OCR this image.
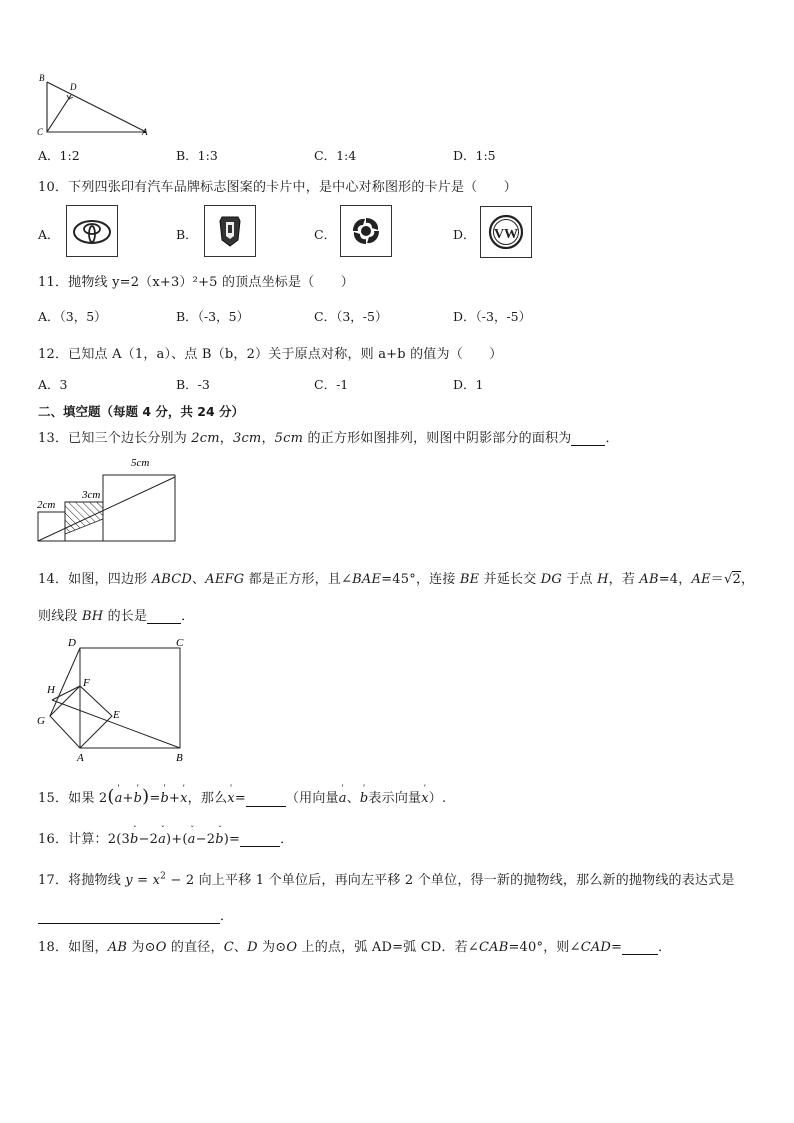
B
D
C	A
A．1:2	B．1:3	C．1:4	D．1:5
10．下列四张印有汽车品牌标志图案的卡片中，是中心对称图形的卡片是（　　）
A．	B．	C．	D． VW
11．抛物线 y=2（x+3）²+5 的顶点坐标是（　　）
A．（3，5）	B．（-3，5）	C．（3，-5）	D．（-3，-5）
12．已知点 A（1，a）、点 B（b，2）关于原点对称，则 a+b 的值为（　　）
A．3	B．-3	C．-1	D．1
二、填空题（每题 4 分，共 24 分）
13．已知三个边长分别为 2cm，3cm，5cm 的正方形如图排列，则图中阴影部分的面积为	．
5cm
3cm
2cm
14．如图，四边形 ABCD、AEFG 都是正方形，且∠BAE=45°，连接 BE 并延长交 DG 于点 H，若 AB=4，AE＝√2，
则线段 BH 的长是	．
D	C
H
F
G	E
A	B
15．如果 2( ˈ
a+
ˈ
b)=
ˈ
b+
ˈ
x，那么
ˈ
x=	（用向量
ˈ
a、
ˈ
b表示向量
ˈ
x）.
16．计算：2(3
ˇ
b−2
ˇ
a)+(
ˇ
a−2
ˇ
b)=	．
17．将抛物线 $y = x^2 - 2$ 向上平移 1 个单位后，再向左平移 2 个单位，得一新的抛物线，那么新的抛物线的表达式是
．
18．如图，AB 为⊙O 的直径，C、D 为⊙O 上的点，弧 AD=弧 CD．若∠CAB=40°，则∠CAD=	．
